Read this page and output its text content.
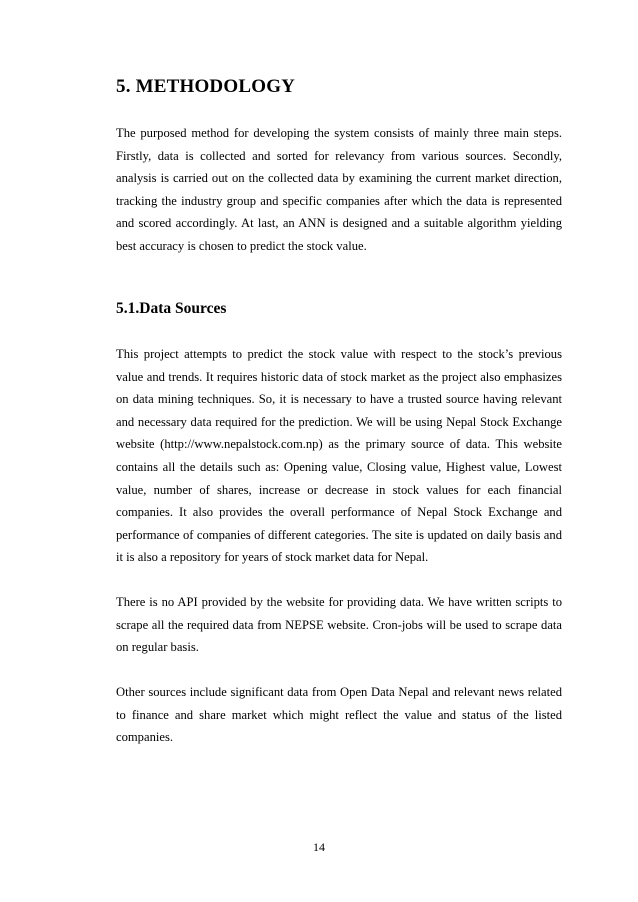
5. METHODOLOGY

The purposed method for developing the system consists of mainly three main steps. Firstly, data is collected and sorted for relevancy from various sources. Secondly, analysis is carried out on the collected data by examining the current market direction, tracking the industry group and specific companies after which the data is represented and scored accordingly. At last, an ANN is designed and a suitable algorithm yielding best accuracy is chosen to predict the stock value.

5.1.Data Sources

This project attempts to predict the stock value with respect to the stock’s previous value and trends. It requires historic data of stock market as the project also emphasizes on data mining techniques. So, it is necessary to have a trusted source having relevant and necessary data required for the prediction. We will be using Nepal Stock Exchange website (http://www.nepalstock.com.np) as the primary source of data. This website contains all the details such as: Opening value, Closing value, Highest value, Lowest value, number of shares, increase or decrease in stock values for each financial companies. It also provides the overall performance of Nepal Stock Exchange and performance of companies of different categories. The site is updated on daily basis and it is also a repository for years of stock market data for Nepal.

There is no API provided by the website for providing data. We have written scripts to scrape all the required data from NEPSE website. Cron-jobs will be used to scrape data on regular basis.

Other sources include significant data from Open Data Nepal and relevant news related to finance and share market which might reflect the value and status of the listed companies.

14
